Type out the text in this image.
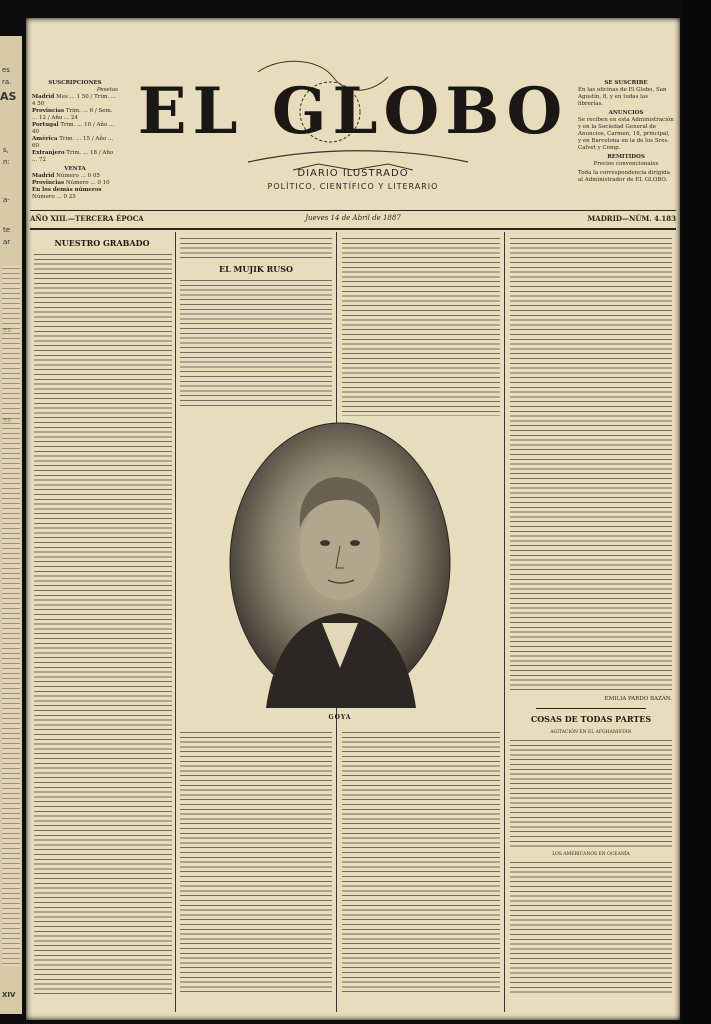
es
ra.
AS
s,
n:
a-
te
ar
XIV
SUSCRIPCIONES
Pesetas
Madrid Mes ... 1 50 / Trim. ... 4 50
Provincias Trim. ... 6 / Sem. ... 12 / Año ... 24
Portugal Trim. ... 10 / Año ... 40
América Trim. ... 15 / Año ... 60
Extranjero Trim. ... 18 / Año ... 72
VENTA
Madrid Número ... 0 05
Provincias Número ... 0 10
En los demás números Número ... 0 25
EL GLOBO
DIARIO ILUSTRADO
POLÍTICO, CIENTÍFICO Y LITERARIO
SE SUSCRIBE
En las oficinas de El Globo, San Agustín, 8, y en todas las librerías.
ANUNCIOS
Se reciben en esta Administración y en la Sociedad General de Anuncios, Carmen, 18, principal, y en Barcelona en la de los Sres. Calvet y Comp.
REMITIDOS
Precios convencionales
Toda la correspondencia dirigida al Administrador de EL GLOBO.
AÑO XIII.—TERCERA ÉPOCA	Jueves 14 de Abril de 1887	MADRID—NÚM. 4.183
NUESTRO GRABADO
EL MUJIK RUSO
GOYA
EMILIA PARDO BAZÁN.
COSAS DE TODAS PARTES
AGITACIÓN EN EL AFGHANISTÁN
LOS AMERICANOS EN OCEANÍA
